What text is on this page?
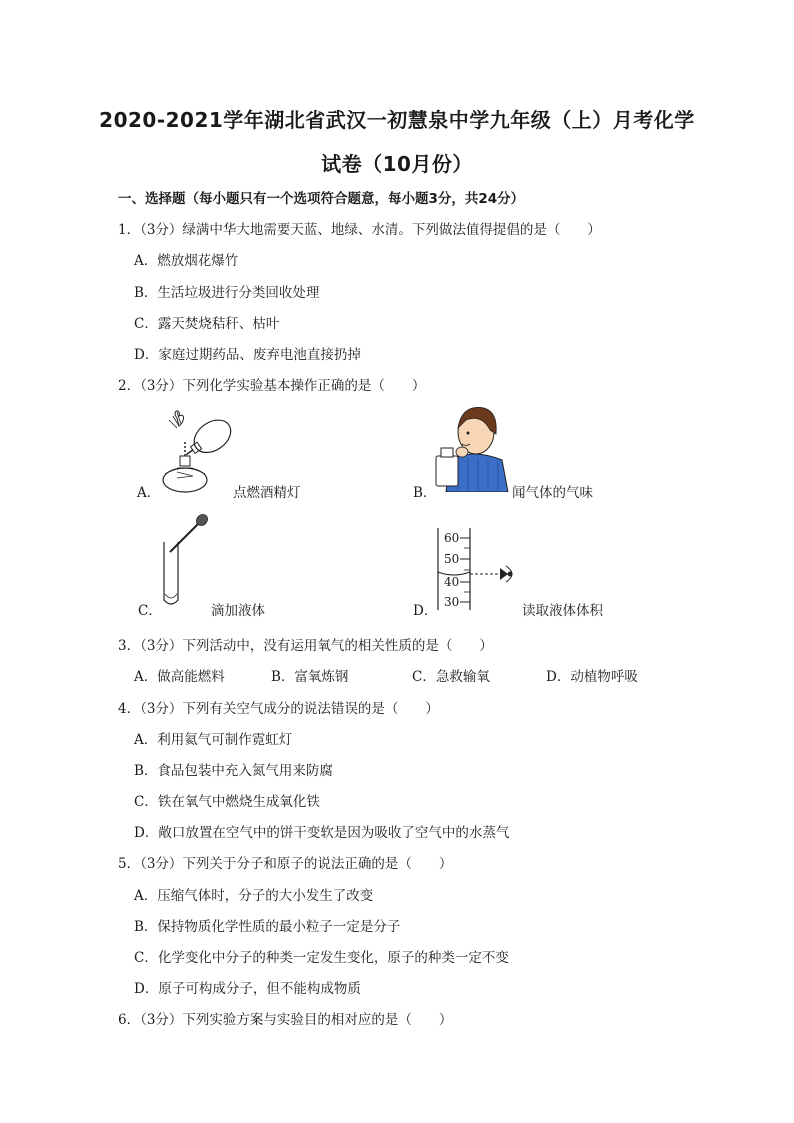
2020-2021学年湖北省武汉一初慧泉中学九年级（上）月考化学
试卷（10月份）
一、选择题（每小题只有一个选项符合题意，每小题3分，共24分）
1．（3分）绿满中华大地需要天蓝、地绿、水清。下列做法值得提倡的是（　　）
A．燃放烟花爆竹
B．生活垃圾进行分类回收处理
C．露天焚烧秸秆、枯叶
D．家庭过期药品、废弃电池直接扔掉
2．（3分）下列化学实验基本操作正确的是（　　）
A．	点燃酒精灯	B．	闻气体的气味
C．	滴加液体
60
50
40
30
D．	读取液体体积
3．（3分）下列活动中，没有运用氧气的相关性质的是（　　）
A．做高能燃料	B．富氧炼钢	C．急救输氧	D．动植物呼吸
4．（3分）下列有关空气成分的说法错误的是（　　）
A．利用氦气可制作霓虹灯
B．食品包装中充入氮气用来防腐
C．铁在氧气中燃烧生成氧化铁
D．敞口放置在空气中的饼干变软是因为吸收了空气中的水蒸气
5．（3分）下列关于分子和原子的说法正确的是（　　）
A．压缩气体时，分子的大小发生了改变
B．保持物质化学性质的最小粒子一定是分子
C．化学变化中分子的种类一定发生变化，原子的种类一定不变
D．原子可构成分子，但不能构成物质
6．（3分）下列实验方案与实验目的相对应的是（　　）
